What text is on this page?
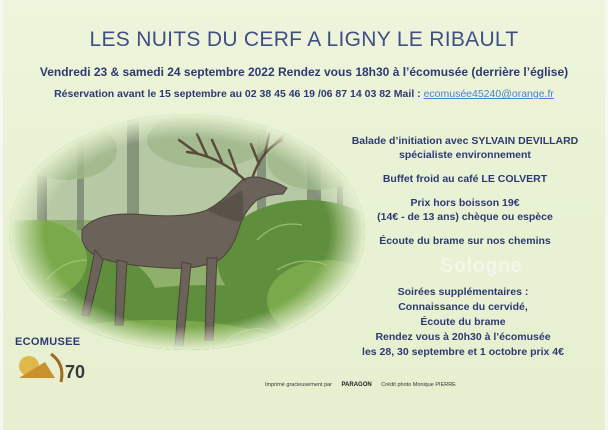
LES NUITS DU CERF A LIGNY LE RIBAULT
Vendredi 23 & samedi 24 septembre 2022 Rendez vous 18h30 à l’écomusée (derrière l’église)
Réservation avant le 15 septembre au 02 38 45 46 19 /06 87 14 03 82 Mail : ecomusée45240@orange.fr
Balade d’initiation avec SYLVAIN DEVILLARD
spécialiste environnement
Buffet froid au café LE COLVERT
Prix hors boisson 19€
(14€ - de 13 ans) chèque ou espèce
Écoute du brame sur nos chemins
Sologne
Soirées supplémentaires :
Connaissance du cervidé,
Écoute du brame
Rendez vous à 20h30 à l’écomusée
les 28, 30 septembre et 1 octobre prix 4€
ECOMUSEE
70
Imprimé gracieusement par PARAGON Crédit photo Monique PIERRE
